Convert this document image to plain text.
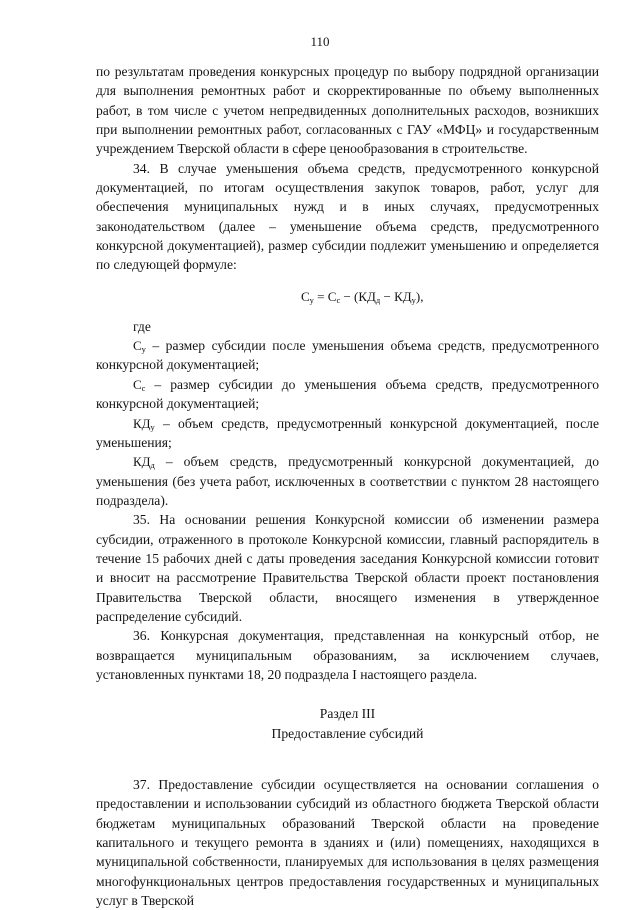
110

по результатам проведения конкурсных процедур по выбору подрядной организации для выполнения ремонтных работ и скорректированные по объему выполненных работ, в том числе с учетом непредвиденных дополнительных расходов, возникших при выполнении ремонтных работ, согласованных с ГАУ «МФЦ» и государственным учреждением Тверской области в сфере ценообразования в строительстве.

34. В случае уменьшения объема средств, предусмотренного конкурсной документацией, по итогам осуществления закупок товаров, работ, услуг для обеспечения муниципальных нужд и в иных случаях, предусмотренных законодательством (далее – уменьшение объема средств, предусмотренного конкурсной документацией), размер субсидии подлежит уменьшению и определяется по следующей формуле:

$С_у = С_с - (КД_д - КД_у)$,

где

$С_у$ – размер субсидии после уменьшения объема средств, предусмотренного конкурсной документацией;

$С_с$ – размер субсидии до уменьшения объема средств, предусмотренного конкурсной документацией;

$КД_у$ – объем средств, предусмотренный конкурсной документацией, после уменьшения;

$КД_д$ – объем средств, предусмотренный конкурсной документацией, до уменьшения (без учета работ, исключенных в соответствии с пунктом 28 настоящего подраздела).

35. На основании решения Конкурсной комиссии об изменении размера субсидии, отраженного в протоколе Конкурсной комиссии, главный распорядитель в течение 15 рабочих дней с даты проведения заседания Конкурсной комиссии готовит и вносит на рассмотрение Правительства Тверской области проект постановления Правительства Тверской области, вносящего изменения в утвержденное распределение субсидий.

36. Конкурсная документация, представленная на конкурсный отбор, не возвращается муниципальным образованиям, за исключением случаев, установленных пунктами 18, 20 подраздела I настоящего раздела.

Раздел III

Предоставление субсидий

37. Предоставление субсидии осуществляется на основании соглашения о предоставлении и использовании субсидий из областного бюджета Тверской области бюджетам муниципальных образований Тверской области на проведение капитального и текущего ремонта в зданиях и (или) помещениях, находящихся в муниципальной собственности, планируемых для использования в целях размещения многофункциональных центров предоставления государственных и муниципальных услуг в Тверской
